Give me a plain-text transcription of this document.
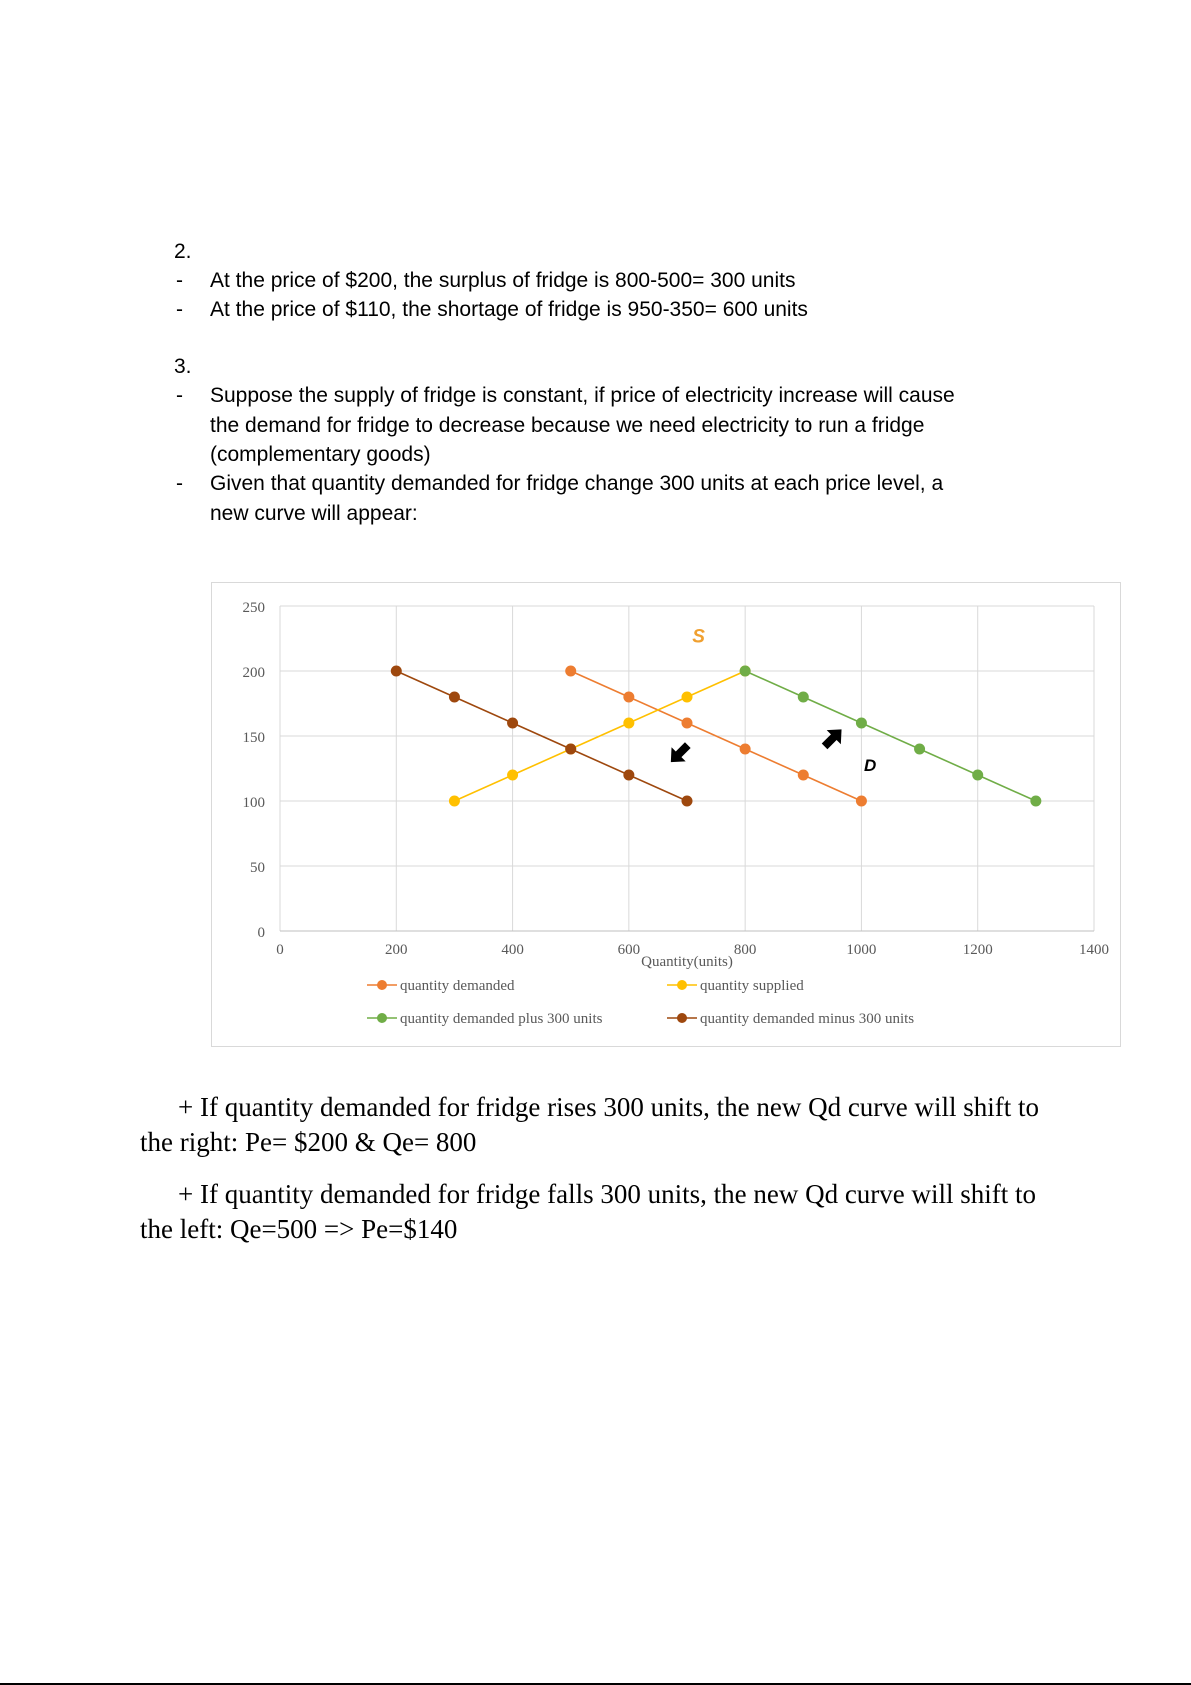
2.
- At the price of $200, the surplus of fridge is 800-500= 300 units
- At the price of $110, the shortage of fridge is 950-350= 600 units
3.
- Suppose the supply of fridge is constant, if price of electricity increase will cause
the demand for fridge to decrease because we need electricity to run a fridge
(complementary goods)
- Given that quantity demanded for fridge change 300 units at each price level, a
new curve will appear:
0
50
100
150
200
250
0	200	400	600	800	1000	1200	1400
Quantity(units)
quantity demanded	quantity supplied
quantity demanded plus 300 units	quantity demanded minus 300 units
S
D
+ If quantity demanded for fridge rises 300 units, the new Qd curve will shift to
the right: Pe= $200 & Qe= 800
+ If quantity demanded for fridge falls 300 units, the new Qd curve will shift to
the left: Qe=500 => Pe=$140
